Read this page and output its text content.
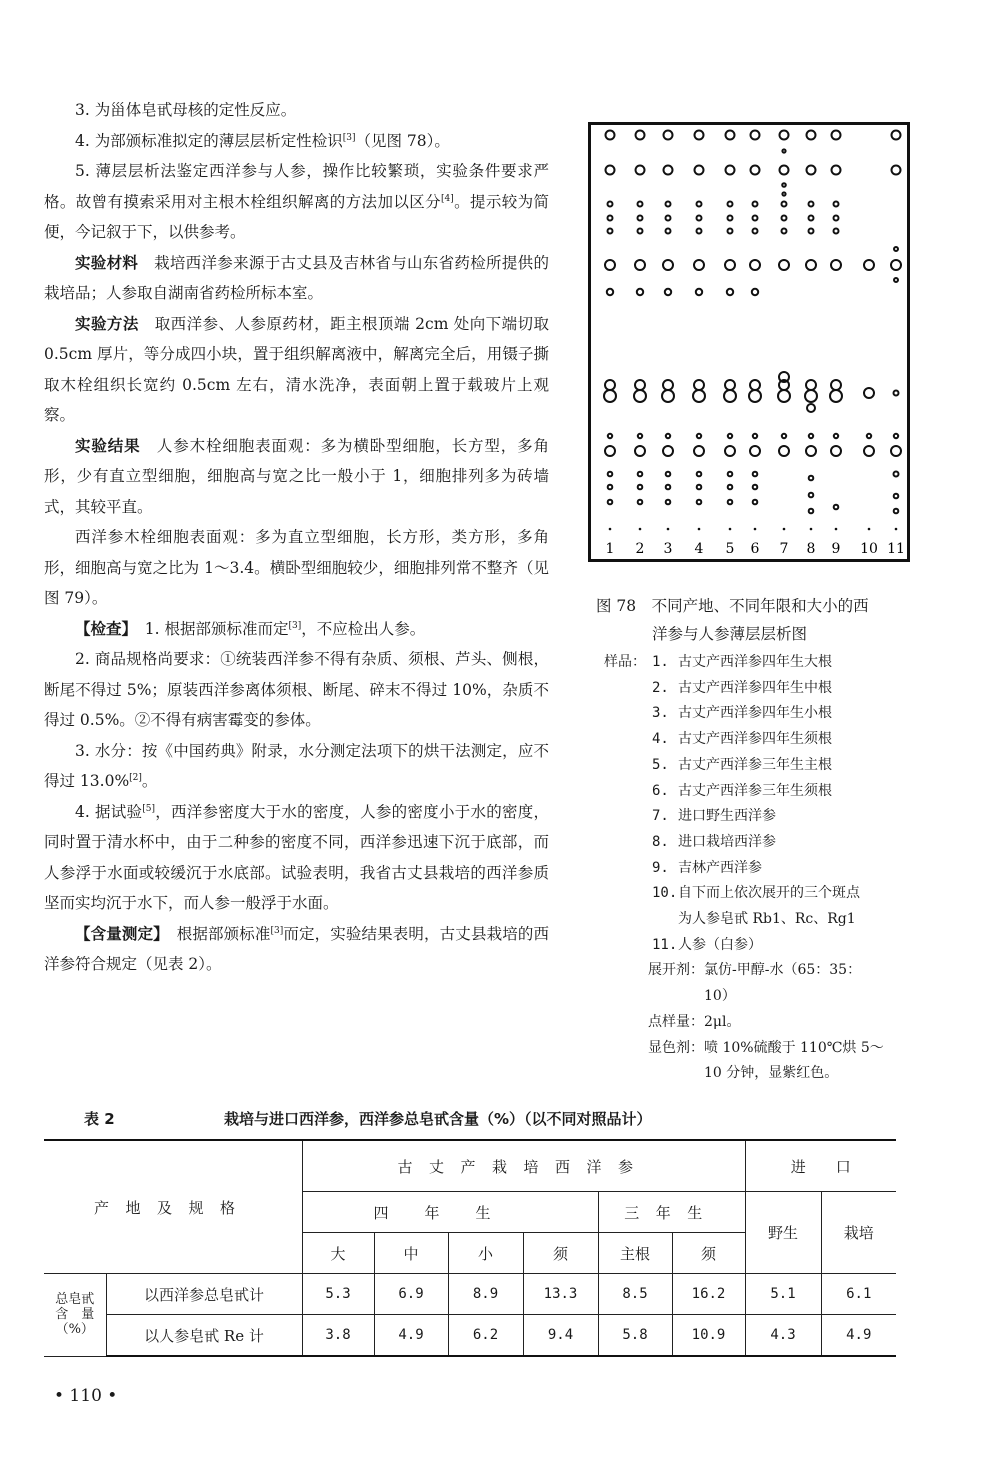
3. 为甾体皂甙母核的定性反应。

4. 为部颁标准拟定的薄层层析定性检识[3]（见图 78）。

5. 薄层层析法鉴定西洋参与人参，操作比较繁琐，实验条件要求严格。故曾有摸索采用对主根木栓组织解离的方法加以区分[4]。提示较为简便，今记叙于下，以供参考。

实验材料　 栽培西洋参来源于古丈县及吉林省与山东省药检所提供的栽培品；人参取自湖南省药检所标本室。

实验方法　 取西洋参、人参原药材，距主根顶端 2cm 处向下端切取 0.5cm 厚片，等分成四小块，置于组织解离液中，解离完全后，用镊子撕取木栓组织长宽约 0.5cm 左右，清水洗净，表面朝上置于载玻片上观察。

实验结果　 人参木栓细胞表面观：多为横卧型细胞，长方型，多角形，少有直立型细胞，细胞高与宽之比一般小于 1，细胞排列多为砖墙式，其较平直。

西洋参木栓细胞表面观：多为直立型细胞，长方形，类方形，多角形，细胞高与宽之比为 1～3.4。横卧型细胞较少，细胞排列常不整齐（见图 79）。

【检查】　 1. 根据部颁标准而定[3]，不应检出人参。

2. 商品规格尚要求：①统装西洋参不得有杂质、须根、芦头、侧根，断尾不得过 5%；原装西洋参离体须根、断尾、碎末不得过 10%，杂质不得过 0.5%。②不得有病害霉变的参体。

3. 水分：按《中国药典》附录，水分测定法项下的烘干法测定，应不得过 13.0%[2]。

4. 据试验[5]，西洋参密度大于水的密度，人参的密度小于水的密度，同时置于清水杯中，由于二种参的密度不同，西洋参迅速下沉于底部，而人参浮于水面或较缓沉于水底部。试验表明，我省古丈县栽培的西洋参质坚而实均沉于水下，而人参一般浮于水面。

【含量测定】　 根据部颁标准[3]而定，实验结果表明，古丈县栽培的西洋参符合规定（见表 2）。

1 2 3 4 5 6 7 8 9 10 11
图 78　不同产地、不同年限和大小的西
洋参与人参薄层层析图
样品： 1. 古丈产西洋参四年生大根
2. 古丈产西洋参四年生中根
3. 古丈产西洋参四年生小根
4. 古丈产西洋参四年生须根
5. 古丈产西洋参三年生主根
6. 古丈产西洋参三年生须根
7. 进口野生西洋参
8. 进口栽培西洋参
9. 吉林产西洋参
10. 自下而上依次展开的三个斑点
为人参皂甙 Rb1、Rc、Rg1
11. 人参（白参）
展开剂：氯仿-甲醇-水（65：35：
10）
点样量：2μl。
显色剂：喷 10%硫酸于 110℃烘 5～
10 分钟，显紫红色。
表 2	栽培与进口西洋参，西洋参总皂甙含量（%）（以不同对照品计）
产地及规格		古丈产栽培西洋参						进　　口	
		四年生				三年生		野生	栽培
		大	中	小	须	主根	须		

总皂甙
含　量
（%）	以西洋参总皂甙计	5.3	6.9	8.9	13.3	8.5	16.2	5.1	6.1
	以人参皂甙 Re 计	3.8	4.9	6.2	9.4	5.8	10.9	4.3	4.9
• 110 •
